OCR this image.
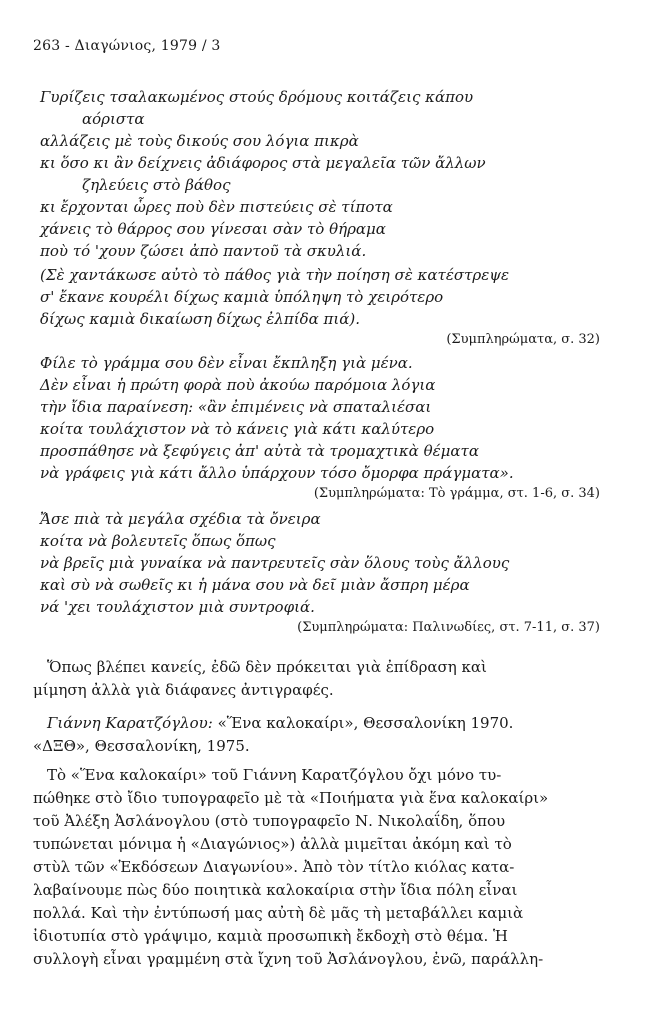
263 - Διαγώνιος, 1979 / 3
Γυρίζεις τσαλακωμένος στούς δρόμους κοιτάζεις κάπου
αόριστα
αλλάζεις μὲ τοὺς δικούς σου λόγια πικρὰ
κι ὅσο κι ἂν δείχνεις ἀδιάφορος στὰ μεγαλεῖα τῶν ἄλλων
ζηλεύεις στὸ βάθος
κι ἔρχονται ὧρες ποὺ δὲν πιστεύεις σὲ τίποτα
χάνεις τὸ θάρρος σου γίνεσαι σὰν τὸ θήραμα
ποὺ τό 'χουν ζώσει ἀπὸ παντοῦ τὰ σκυλιά.
(Σὲ χαντάκωσε αὐτὸ τὸ πάθος γιὰ τὴν ποίηση σὲ κατέστρεψε
σ' ἔκανε κουρέλι δίχως καμιὰ ὑπόληψη τὸ χειρότερο
δίχως καμιὰ δικαίωση δίχως ἐλπίδα πιά).
(Συμπληρώματα, σ. 32)
Φίλε τὸ γράμμα σου δὲν εἶναι ἔκπληξη γιὰ μένα.
Δὲν εἶναι ἡ πρώτη φορὰ ποὺ ἀκούω παρόμοια λόγια
τὴν ἴδια παραίνεση: «ἂν ἐπιμένεις νὰ σπαταλιέσαι
κοίτα τουλάχιστον νὰ τὸ κάνεις γιὰ κάτι καλύτερο
προσπάθησε νὰ ξεφύγεις ἀπ' αὐτὰ τὰ τρομαχτικὰ θέματα
νὰ γράφεις γιὰ κάτι ἄλλο ὑπάρχουν τόσο ὄμορφα πράγματα».
(Συμπληρώματα: Τὸ γράμμα, στ. 1-6, σ. 34)
Ἄσε πιὰ τὰ μεγάλα σχέδια τὰ ὄνειρα
κοίτα νὰ βολευτεῖς ὅπως ὅπως
νὰ βρεῖς μιὰ γυναίκα νὰ παντρευτεῖς σὰν ὅλους τοὺς ἄλλους
καὶ σὺ νὰ σωθεῖς κι ἡ μάνα σου νὰ δεῖ μιὰν ἄσπρη μέρα
νά 'χει τουλάχιστον μιὰ συντροφιά.
(Συμπληρώματα: Παλινωδίες, στ. 7-11, σ. 37)
Ὅπως βλέπει κανείς, ἐδῶ δὲν πρόκειται γιὰ ἐπίδραση καὶ
μίμηση ἀλλὰ γιὰ διάφανες ἀντιγραφές.
Γιάννη Καρατζόγλου: «Ἕνα καλοκαίρι», Θεσσαλονίκη 1970.
«ΔΞΘ», Θεσσαλονίκη, 1975.
Τὸ «Ἕνα καλοκαίρι» τοῦ Γιάννη Καρατζόγλου ὄχι μόνο τυ-
πώθηκε στὸ ἴδιο τυπογραφεῖο μὲ τὰ «Ποιήματα γιὰ ἕνα καλοκαίρι»
τοῦ Ἀλέξη Ἀσλάνογλου (στὸ τυπογραφεῖο Ν. Νικολαΐδη, ὅπου
τυπώνεται μόνιμα ἡ «Διαγώνιος») ἀλλὰ μιμεῖται ἀκόμη καὶ τὸ
στὺλ τῶν «Ἐκδόσεων Διαγωνίου». Ἀπὸ τὸν τίτλο κιόλας κατα-
λαβαίνουμε πὼς δύο ποιητικὰ καλοκαίρια στὴν ἴδια πόλη εἶναι
πολλά. Καὶ τὴν ἐντύπωσή μας αὐτὴ δὲ μᾶς τὴ μεταβάλλει καμιὰ
ἰδιοτυπία στὸ γράψιμο, καμιὰ προσωπικὴ ἔκδοχὴ στὸ θέμα. Ἡ
συλλογὴ εἶναι γραμμένη στὰ ἴχνη τοῦ Ἀσλάνογλου, ἐνῶ, παράλλη-
